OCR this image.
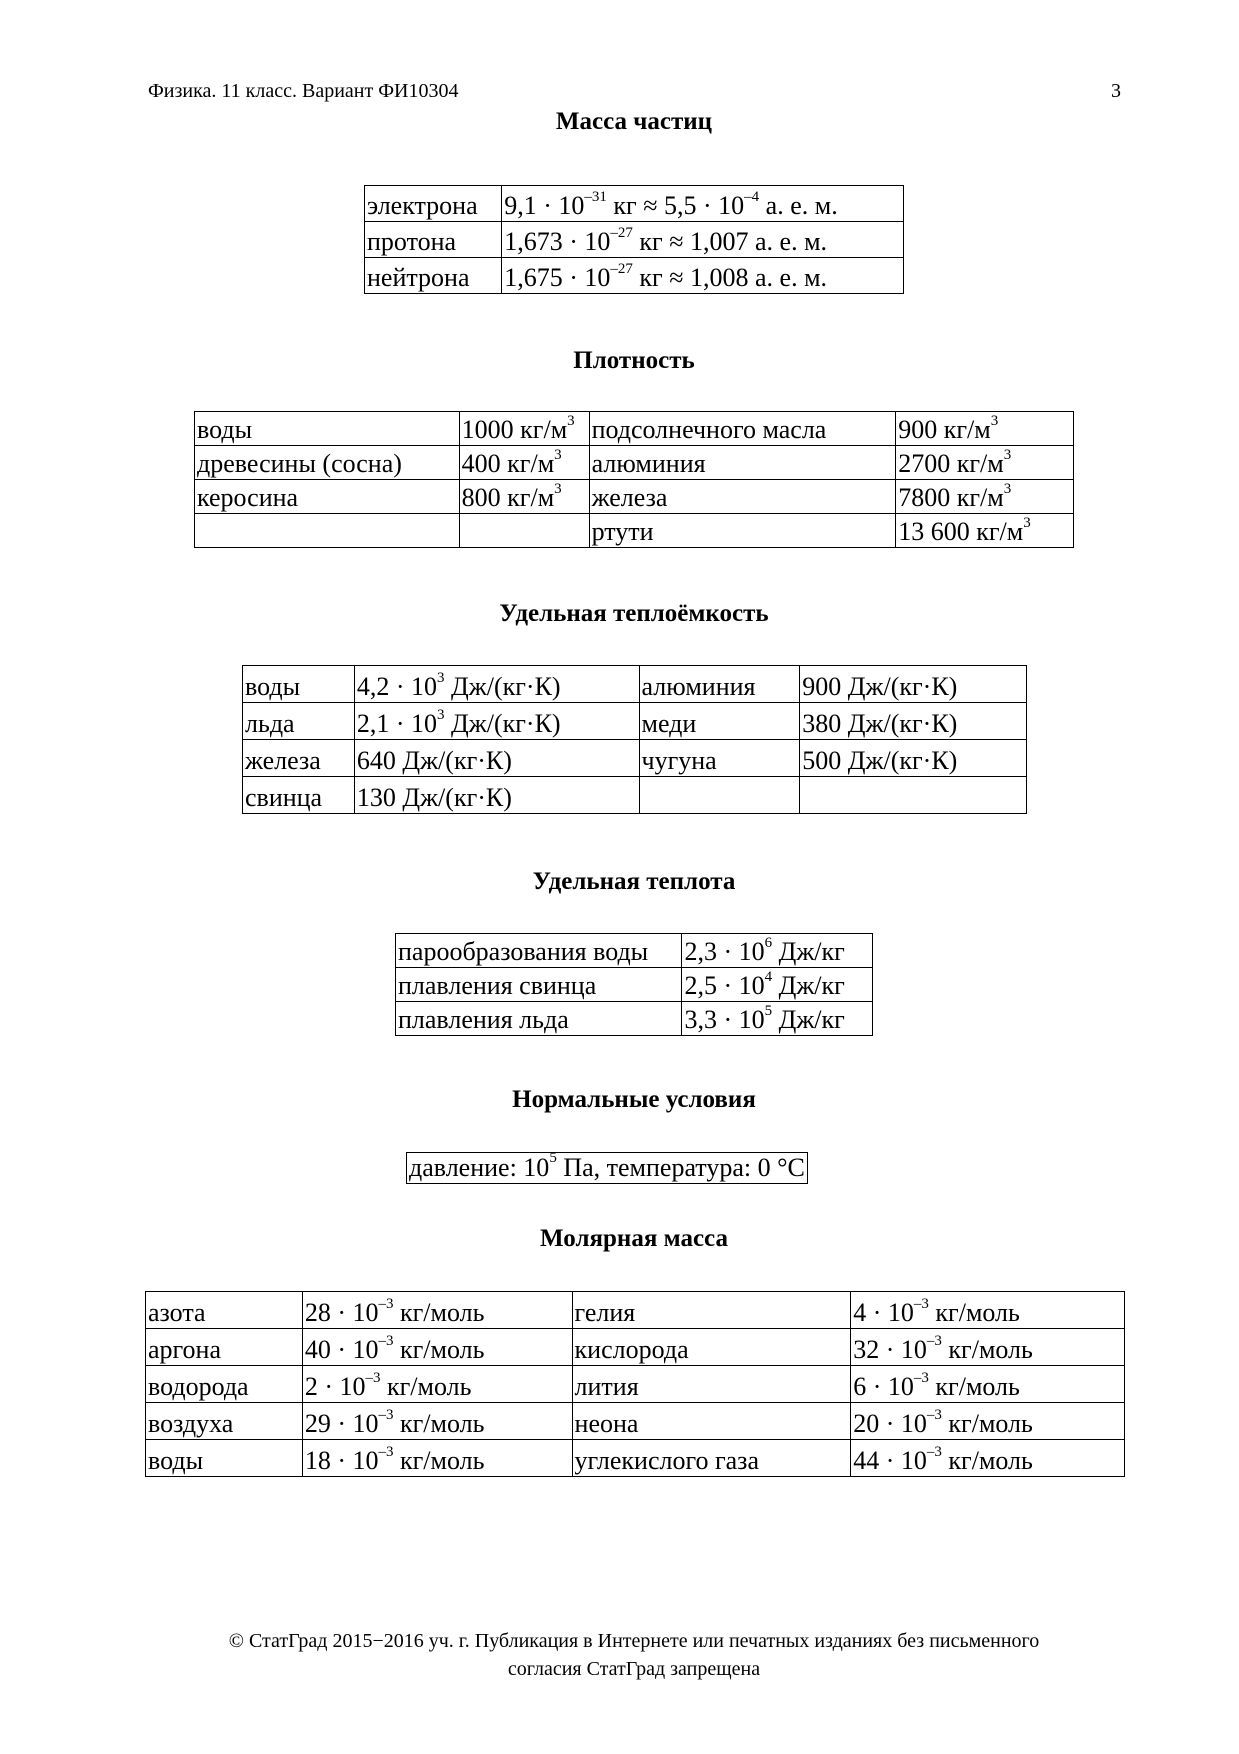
Физика. 11 класс. Вариант ФИ10304	3
Масса частиц
электрона	$9,1 \cdot 10^{-31}$ кг ≈ $5,5 \cdot 10^{-4}$ а. е. м.
протона	$1,673 \cdot 10^{-27}$ кг ≈ 1,007 а. е. м.
нейтрона	$1,675 \cdot 10^{-27}$ кг ≈ 1,008 а. е. м.
Плотность
воды	1000 $кг/м^3$	подсолнечного масла	900 $кг/м^3$
древесины (сосна)	400 $кг/м^3$	алюминия	2700 $кг/м^3$
керосина	800 $кг/м^3$	железа	7800 $кг/м^3$
		ртути	13 600 $кг/м^3$
Удельная теплоёмкость
воды	$4,2 \cdot 10^3$ Дж/(кг·К)	алюминия	900 Дж/(кг·К)
льда	$2,1 \cdot 10^3$ Дж/(кг·К)	меди	380 Дж/(кг·К)
железа	640 Дж/(кг·К)	чугуна	500 Дж/(кг·К)
свинца	130 Дж/(кг·К)		
Удельная теплота
парообразования воды	$2,3 \cdot 10^6$ Дж/кг
плавления свинца	$2,5 \cdot 10^4$ Дж/кг
плавления льда	$3,3 \cdot 10^5$ Дж/кг
Нормальные условия
давление: $10^5$ Па, температура: 0 °С
Молярная масса
азота	$28 \cdot 10^{-3}$ кг/моль	гелия	$4 \cdot 10^{-3}$ кг/моль
аргона	$40 \cdot 10^{-3}$ кг/моль	кислорода	$32 \cdot 10^{-3}$ кг/моль
водорода	$2 \cdot 10^{-3}$ кг/моль	лития	$6 \cdot 10^{-3}$ кг/моль
воздуха	$29 \cdot 10^{-3}$ кг/моль	неона	$20 \cdot 10^{-3}$ кг/моль
воды	$18 \cdot 10^{-3}$ кг/моль	углекислого газа	$44 \cdot 10^{-3}$ кг/моль
© СтатГрад 2015−2016 уч. г. Публикация в Интернете или печатных изданиях без письменного
согласия СтатГрад запрещена
